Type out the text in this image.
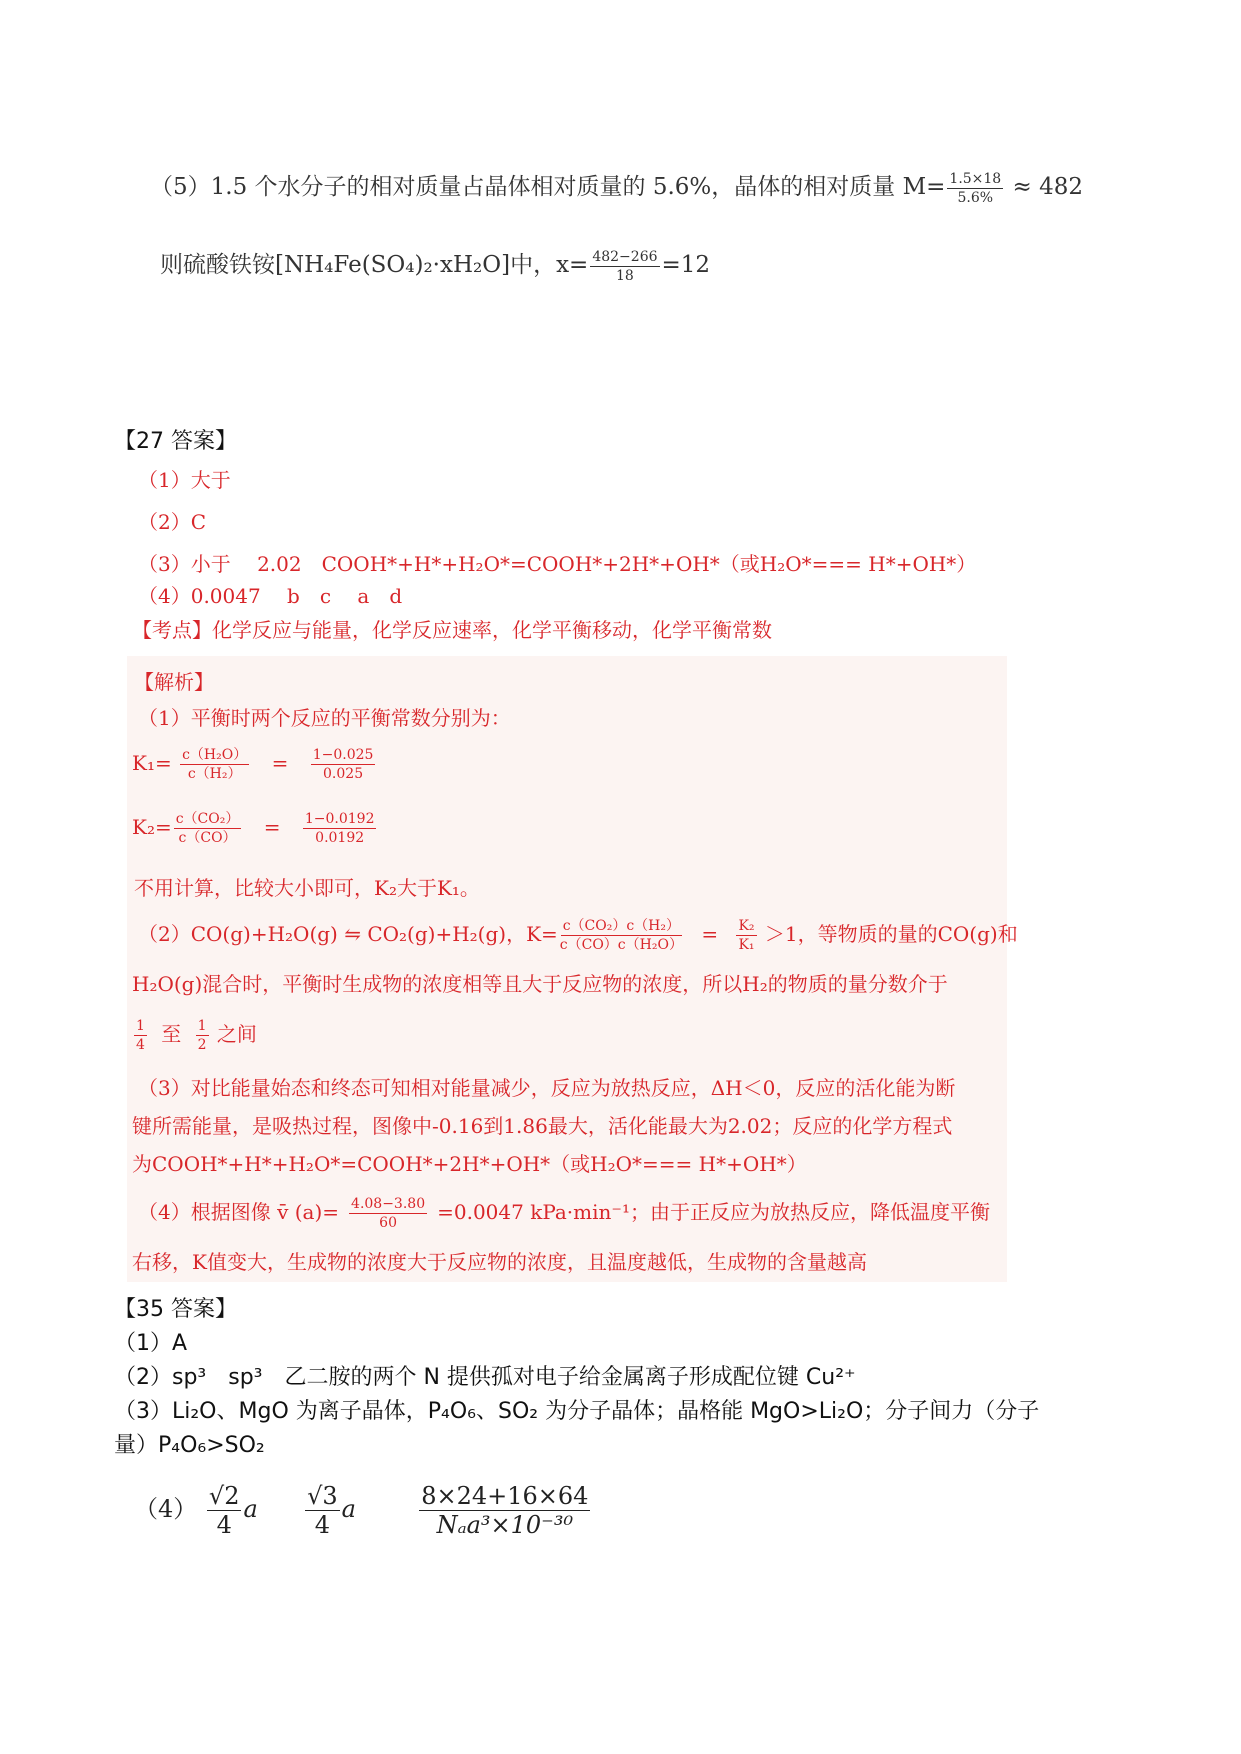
（5）1.5 个水分子的相对质量占晶体相对质量的 5.6%，晶体的相对质量 $M= \frac{1.5\times 18}{5.6\%} \approx 482$
则硫酸铁铵[NH₄Fe(SO₄)₂·xH₂O]中，$x= \frac{482-266}{18} =12$
【27 答案】
（1）大于
（2）C
（3）小于　 2.02　COOH*+H*+H₂O*=COOH*+2H*+OH*（或H₂O*=== H*+OH*）
（4）0.0047　 b　c　 a　d
【考点】化学反应与能量，化学反应速率，化学平衡移动，化学平衡常数
【解析】
（1）平衡时两个反应的平衡常数分别为：
$K_1= \frac{\text{c（H₂O）}}{\text{c（H₂）}} = \frac{1-0.025}{0.025}$
$K_2= \frac{\text{c（CO₂）}}{c(CO)} = \frac{1-0.0192}{0.0192}$
不用计算，比较大小即可，K₂大于K₁。
（2）CO(g)+H₂O(g) ⇋ CO₂(g)+H₂(g)，$K= \frac{\text{c（CO₂）c（H₂）}}{\text{c（CO）c（H₂O）}} = \frac{\text{K₂}}{\text{K₁}} >1$，等物质的量的CO(g)和
H₂O(g)混合时，平衡时生成物的浓度相等且大于反应物的浓度，所以H₂的物质的量分数介于
$\frac{1}{4}$ 至 $\frac{1}{2}$ 之间
（3）对比能量始态和终态可知相对能量减少，反应为放热反应，ΔH＜0，反应的活化能为断
键所需能量，是吸热过程，图像中-0.16到1.86最大，活化能最大为2.02；反应的化学方程式
为COOH*+H*+H₂O*=COOH*+2H*+OH*（或H₂O*=== H*+OH*）
（4）根据图像 v̄ $(a)= \frac{4.08-3.80}{60} =0.0047$ kPa·min⁻¹；由于正反应为放热反应，降低温度平衡
右移，K值变大，生成物的浓度大于反应物的浓度，且温度越低，生成物的含量越高
【35 答案】
（1）A
（2）sp³　sp³　乙二胺的两个 N 提供孤对电子给金属离子形成配位键 Cu²⁺
（3）Li₂O、MgO 为离子晶体，P₄O₆、SO₂ 为分子晶体；晶格能 MgO>Li₂O；分子间力（分子
量）P₄O₆>SO₂
$(4) \frac{√2}{4}$ a $\frac{√3}{4}$ a	$\frac{8\times 24+16\times 64}{\text{Nₐa³×10⁻³⁰}}$
